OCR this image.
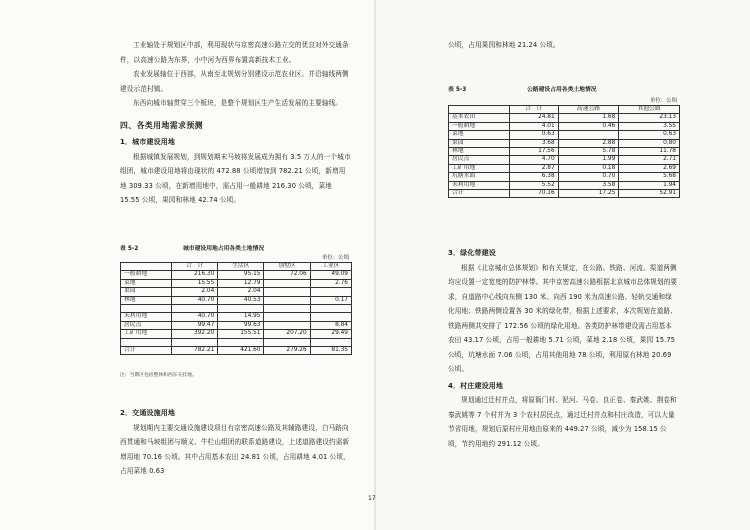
工业轴处于规划区中部，利用现状与京密高速公路立交的优良对外交通条件，以高速公路为东界，小中河为西界布置高新技术工业。

农业发展轴位于西部，从南至北规划分别建设示范农业区、并沿轴线两侧建设示范村镇。

东西向城市轴贯穿三个板块，是整个规划区生产生活发展的主要轴线。

四、各类用地需求预测
1．城市建设用地

根据城镇发展规划，到规划期末马坡将发展成为拥有 3.5 万人的一个城市组团，城市建设用地将由现状的 472.88 公顷增加到 782.21 公顷，新增用地 309.33 公顷，在新增用地中，需占用一般耕地 216.30 公顷，菜地 15.55 公顷，果园和林地 42.74 公顷。

表 5-2	城市建设用地占用各类土地情况
单位：公顷
	合　计	生活区	别墅区	工业区
一般耕地	216.30	95.15	72.06	49.09
菜地	15.55	12.79		2.76
果园	2.04	2.04		
林地	40.70	40.53		0.17

未利用地	40.70	14.95		
居民点	99.47	99.63		8.84
工矿用地	392.20	155.51	207.20	29.49

合计	782.21	421.60	279.26	81.35
注：当期区包括整体和西东关挂地。
2．交通设施用地

规划期内主要交通设施建设项目有京密高速公路及其辅路建设，白马路向西贯通和马坡组团与顺义、牛栏山组团的联系道路建设，上述道路建设约需新增用地 70.16 公顷。其中占用基本农田 24.81 公顷，占用耕地 4.01 公顷，占用菜地 0.63

17

公顷，占用果园和林地 21.24 公顷。

表 5-3	公路建设占用各类土地情况
单位：公顷
	合　计	高速公路	其他公路
基本农田	24.81	1.68	23.13
一般耕地	4.01	0.46	3.55
菜地	0.63		0.63
果园	3.68	2.88	0.80
林地	17.56	5.78	11.78
居民点	4.70	1.99	2.71
工矿用地	2.87	0.18	2.69
坑塘水面	6.38	0.70	5.68
未利用地	5.52	3.58	1.94
合计	70.16	17.25	52.91
3．绿化带建设

根据《北京城市总体规划》和有关规定，在公路、铁路、河流、渠道两侧均应设置一定宽度的防护林带。其中京密高速公路根据北京城市总体规划的要求，自道路中心线向东侧 130 米、向西 190 米为高速公路、轻轨交通和绿化用地；铁路两侧设置各 30 米的绿化带，根据上述要求，本次规划在道路、铁路两侧共安排了 172.56 公顷的绿化用地。各类防护林带建设需占用基本农田 43.17 公顷，占用一般耕地 5.71 公顷，菜地 2.18 公顷，果园 15.75 公顷，坑塘水面 7.06 公顷，占用其他用地 78 公顷，利用原有林地 20.69 公顷。

4．村庄建设用地

规划通过迁村并点，将原衙门村、泥河、马卷、良正卷、秦武姚、荆卷和秦武姚等 7 个村并为 3 个农村居民点，通过迁村并点和村庄改造，可以大量节省用地，规划后原村庄用地由原来的 449.27 公顷，减少为 158.15 公顷，节约用地约 291.12 公顷。
